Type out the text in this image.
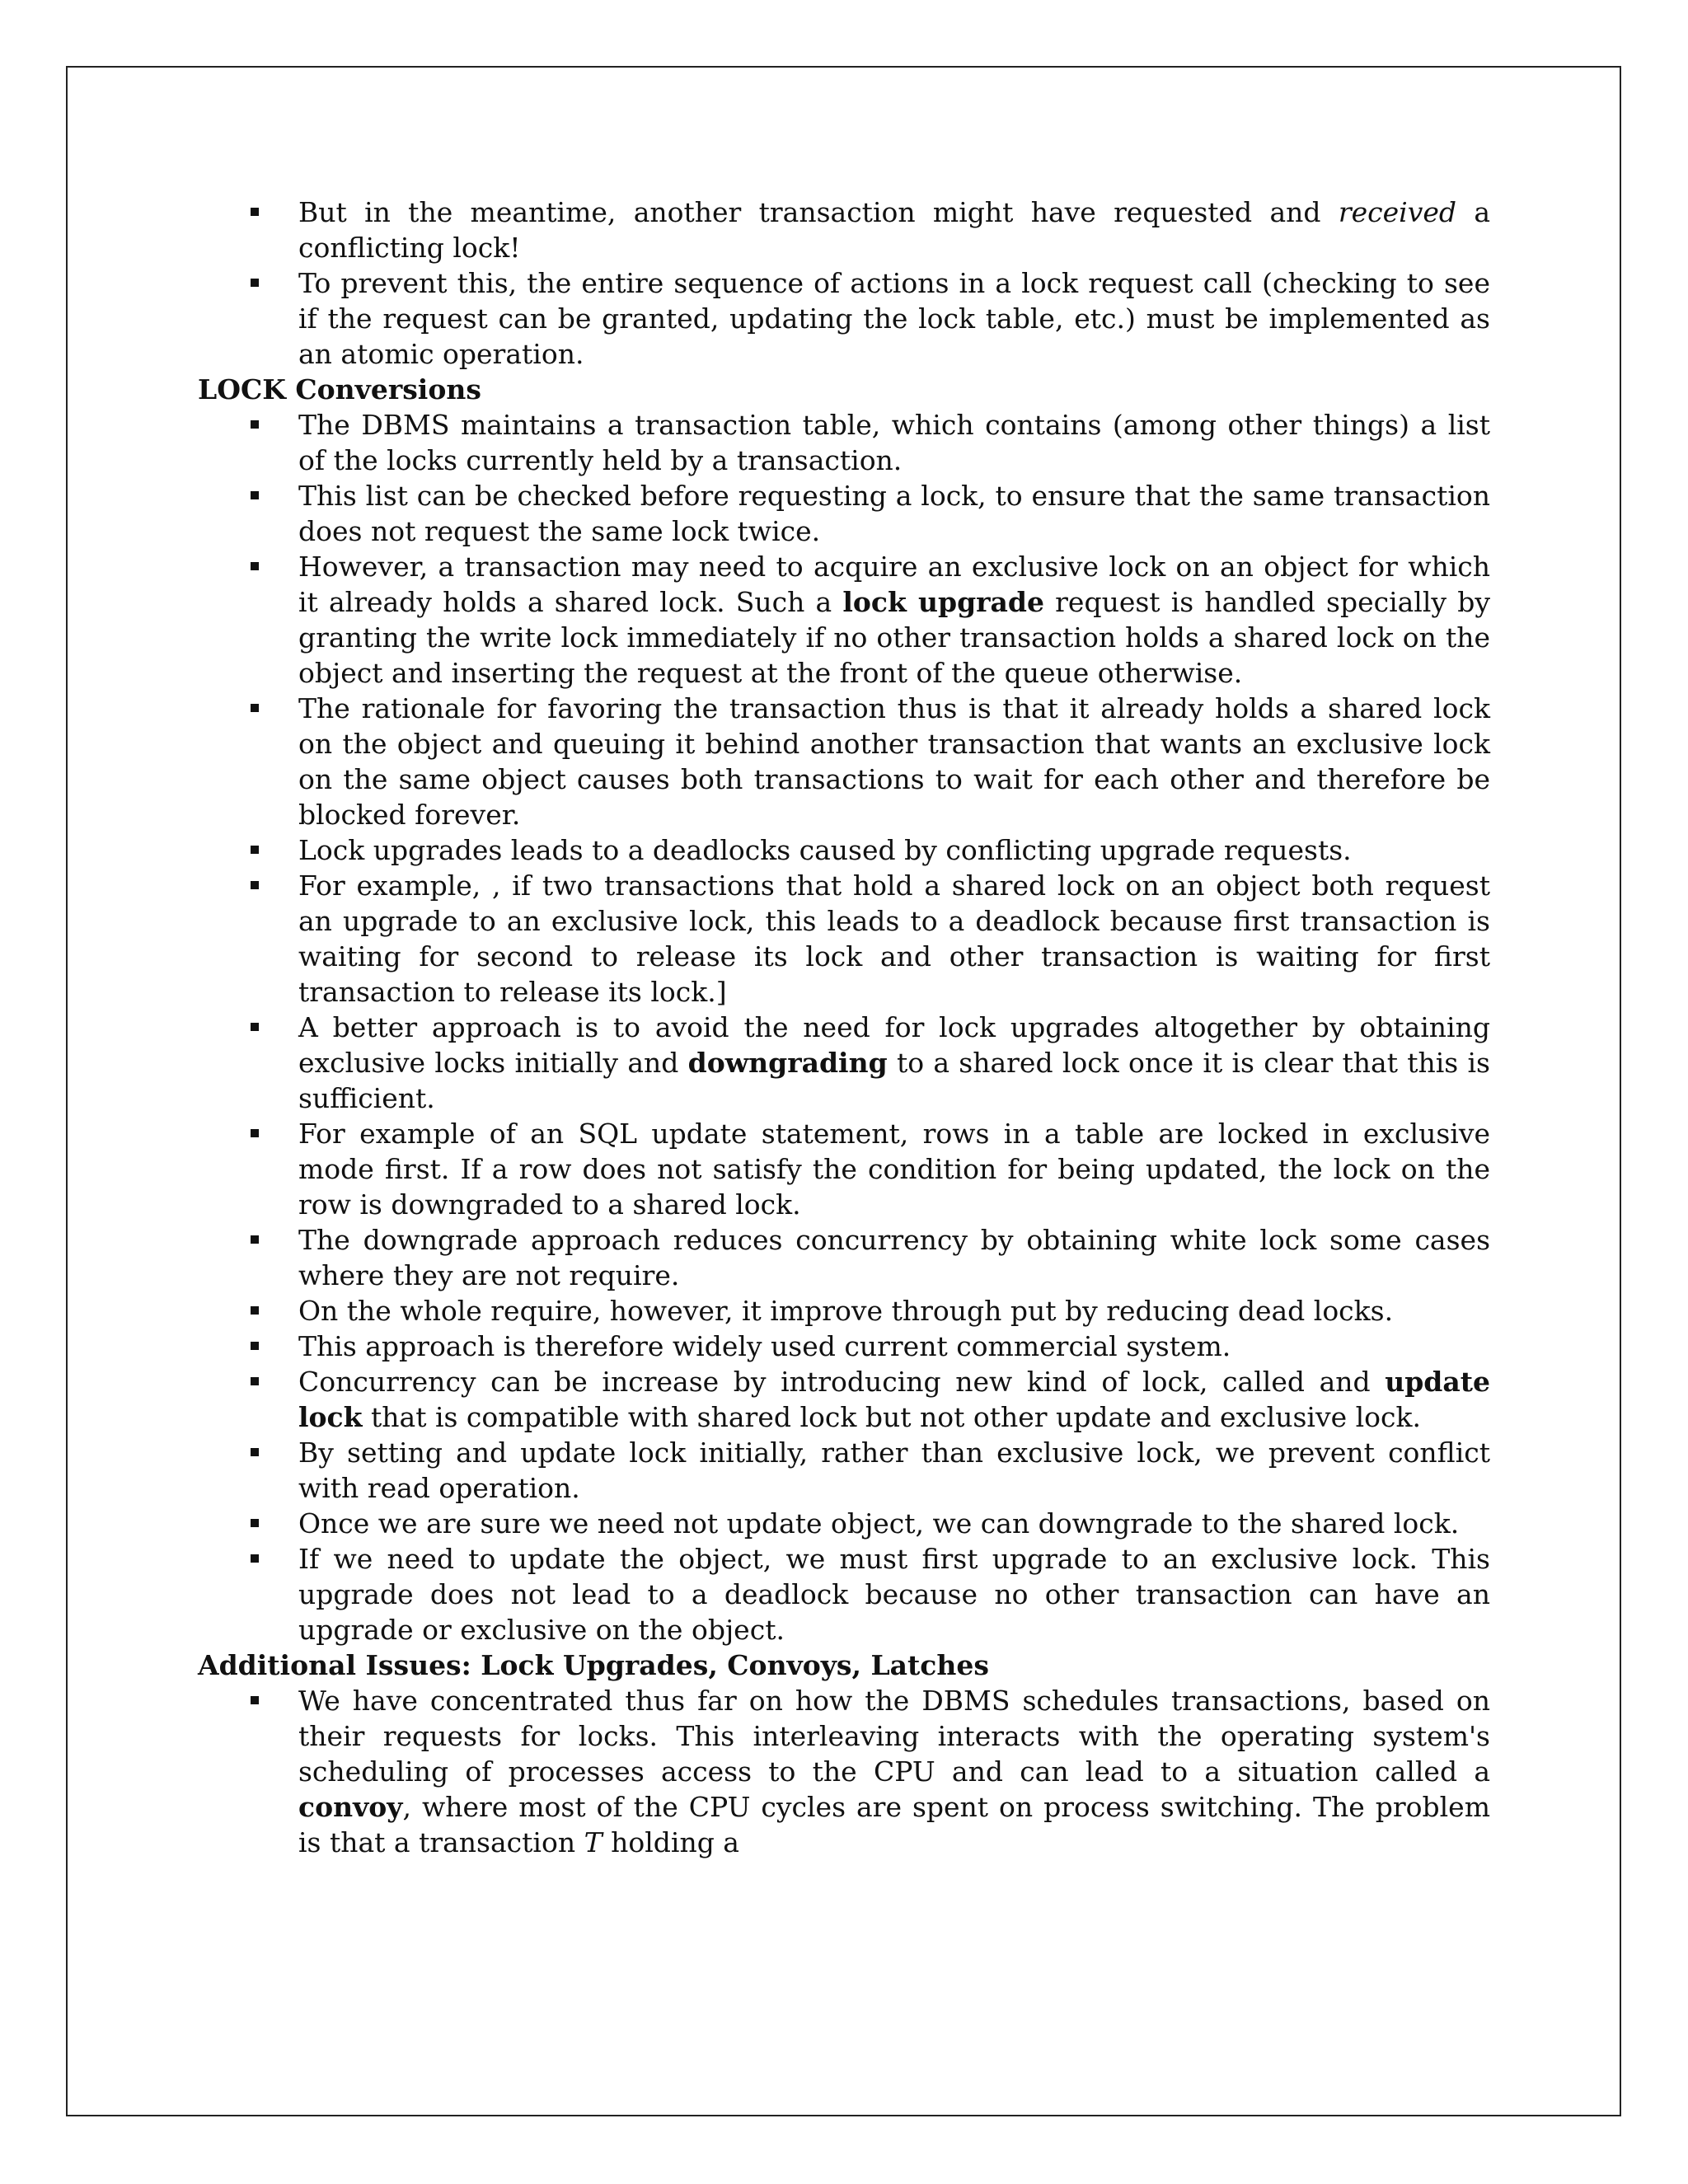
But in the meantime, another transaction might have requested and received a conflicting lock!
To prevent this, the entire sequence of actions in a lock request call (checking to see if the request can be granted, updating the lock table, etc.) must be implemented as an atomic operation.
LOCK Conversions
The DBMS maintains a transaction table, which contains (among other things) a list of the locks currently held by a transaction.
This list can be checked before requesting a lock, to ensure that the same transaction does not request the same lock twice.
However, a transaction may need to acquire an exclusive lock on an object for which it already holds a shared lock. Such a lock upgrade request is handled specially by granting the write lock immediately if no other transaction holds a shared lock on the object and inserting the request at the front of the queue otherwise.
The rationale for favoring the transaction thus is that it already holds a shared lock on the object and queuing it behind another transaction that wants an exclusive lock on the same object causes both transactions to wait for each other and therefore be blocked forever.
Lock upgrades leads to a deadlocks caused by conflicting upgrade requests.
For example, , if two transactions that hold a shared lock on an object both request an upgrade to an exclusive lock, this leads to a deadlock because first transaction is waiting for second to release its lock and other transaction is waiting for first transaction to release its lock.]
A better approach is to avoid the need for lock upgrades altogether by obtaining exclusive locks initially and downgrading to a shared lock once it is clear that this is sufficient.
For example of an SQL update statement, rows in a table are locked in exclusive mode first. If a row does not satisfy the condition for being updated, the lock on the row is downgraded to a shared lock.
The downgrade approach reduces concurrency by obtaining white lock some cases where they are not require.
On the whole require, however, it improve through put by reducing dead locks.
This approach is therefore widely used current commercial system.
Concurrency can be increase by introducing new kind of lock, called and update lock that is compatible with shared lock but not other update and exclusive lock.
By setting and update lock initially, rather than exclusive lock, we prevent conflict with read operation.
Once we are sure we need not update object, we can downgrade to the shared lock.
If we need to update the object, we must first upgrade to an exclusive lock. This upgrade does not lead to a deadlock because no other transaction can have an upgrade or exclusive on the object.
Additional Issues: Lock Upgrades, Convoys, Latches
We have concentrated thus far on how the DBMS schedules transactions, based on their requests for locks. This interleaving interacts with the operating system's scheduling of processes access to the CPU and can lead to a situation called a convoy, where most of the CPU cycles are spent on process switching. The problem is that a transaction T holding a
